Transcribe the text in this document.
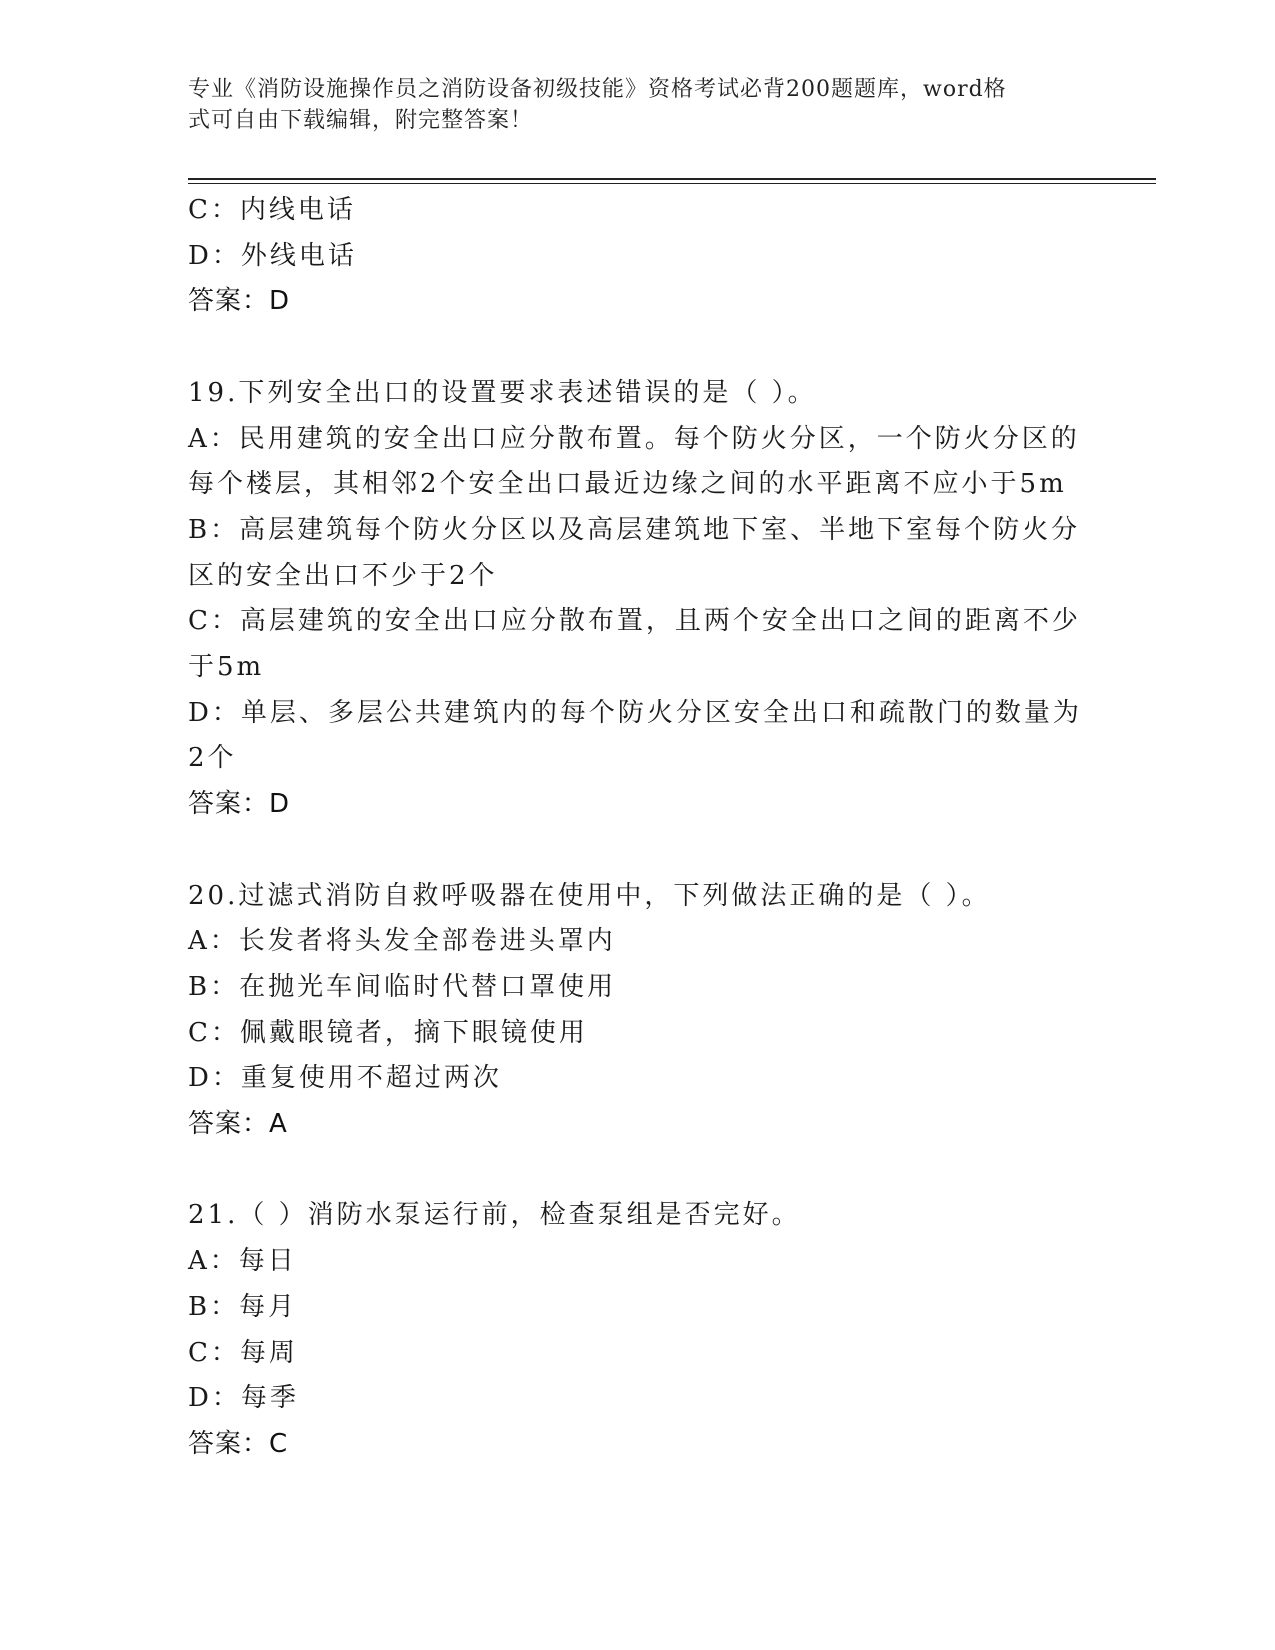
专业《消防设施操作员之消防设备初级技能》资格考试必背200题题库，word格
式可自由下载编辑，附完整答案！
C：内线电话
D：外线电话
答案：D
19.下列安全出口的设置要求表述错误的是（ ）。
A：民用建筑的安全出口应分散布置。每个防火分区，一个防火分区的
每个楼层，其相邻2个安全出口最近边缘之间的水平距离不应小于5m
B：高层建筑每个防火分区以及高层建筑地下室、半地下室每个防火分
区的安全出口不少于2个
C：高层建筑的安全出口应分散布置，且两个安全出口之间的距离不少
于5m
D：单层、多层公共建筑内的每个防火分区安全出口和疏散门的数量为
2个
答案：D
20.过滤式消防自救呼吸器在使用中，下列做法正确的是（ ）。
A：长发者将头发全部卷进头罩内
B：在抛光车间临时代替口罩使用
C：佩戴眼镜者，摘下眼镜使用
D：重复使用不超过两次
答案：A
21.（ ）消防水泵运行前，检查泵组是否完好。
A：每日
B：每月
C：每周
D：每季
答案：C
